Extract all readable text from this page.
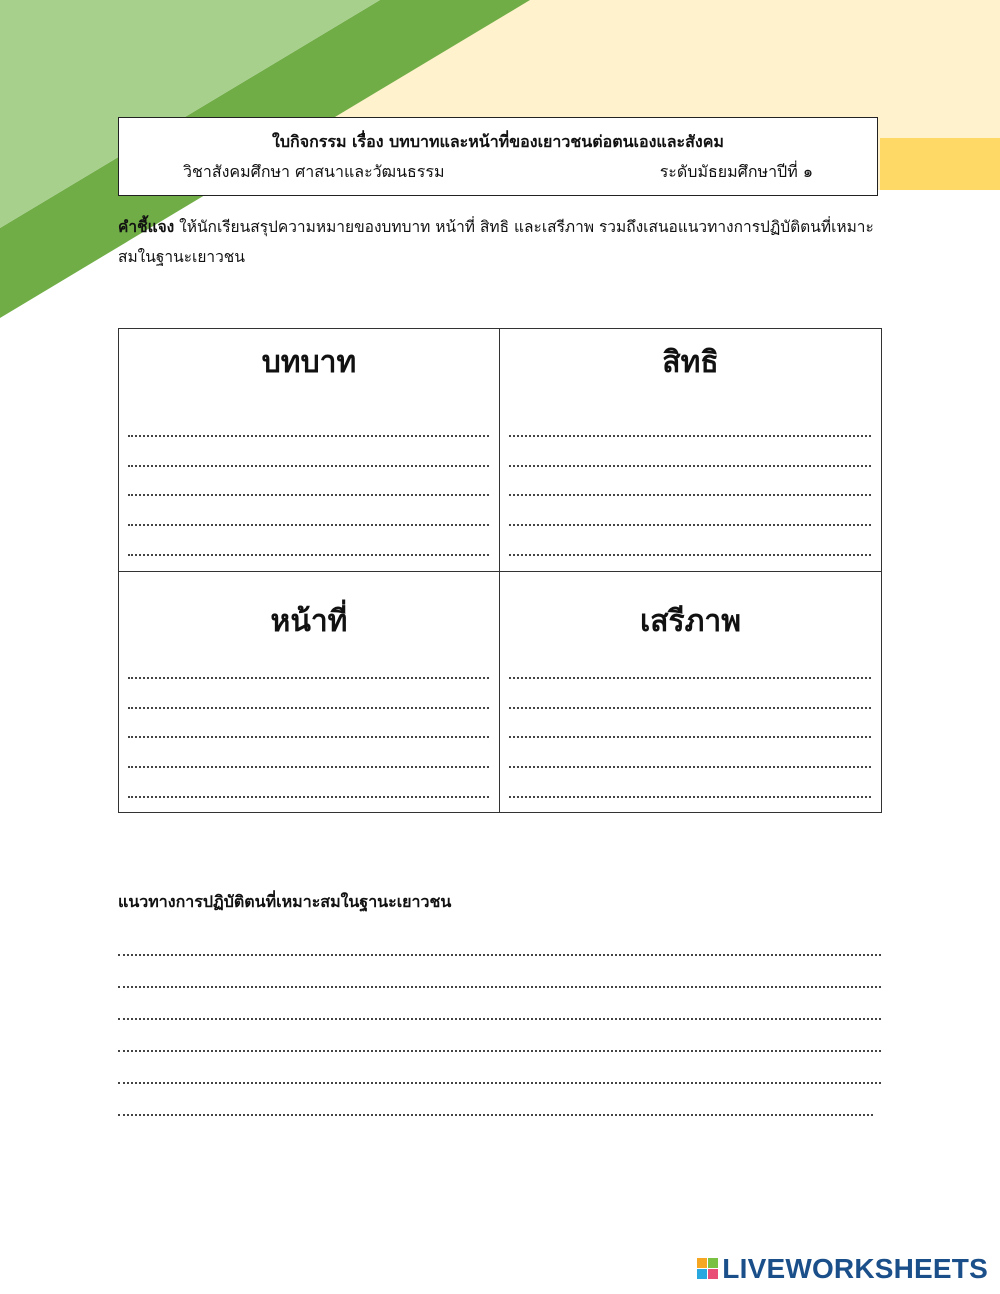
ใบกิจกรรม เรื่อง บทบาทและหน้าที่ของเยาวชนต่อตนเองและสังคม
วิชาสังคมศึกษา ศาสนาและวัฒนธรรม	ระดับมัธยมศึกษาปีที่ ๑
คำชี้แจง ให้นักเรียนสรุปความหมายของบทบาท หน้าที่ สิทธิ และเสรีภาพ รวมถึงเสนอแนวทางการปฏิบัติตนที่เหมาะสมในฐานะเยาวชน
บทบาท	สิทธิ
หน้าที่	เสรีภาพ
แนวทางการปฏิบัติตนที่เหมาะสมในฐานะเยาวชน
LIVEWORKSHEETS
